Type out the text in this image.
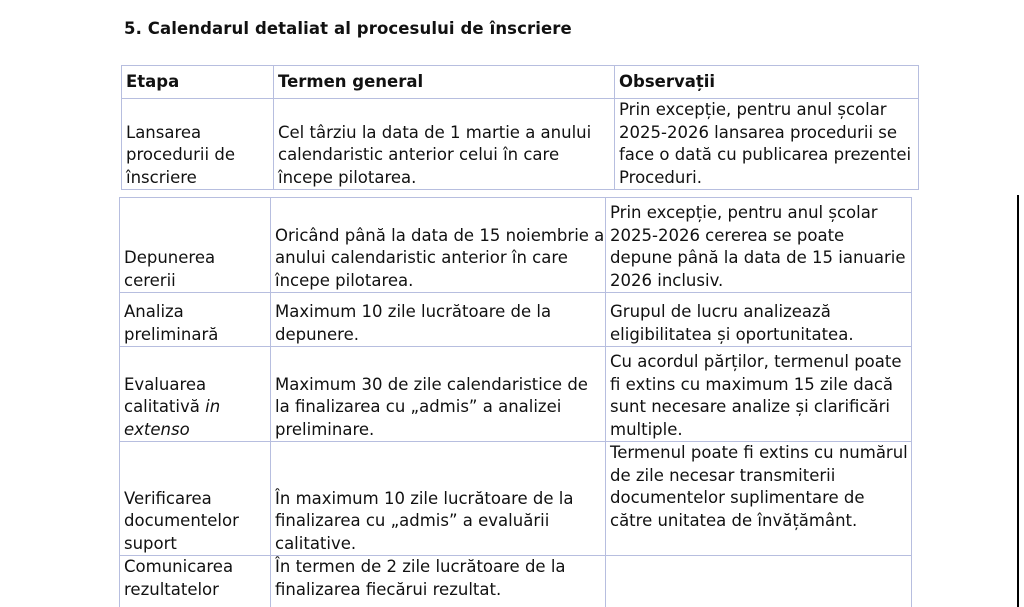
5. Calendarul detaliat al procesului de înscriere
Etapa	Termen general	Observații
Lansarea procedurii de înscriere	Cel târziu la data de 1 martie a anului calendaristic anterior celui în care începe pilotarea.	Prin excepție, pentru anul școlar 2025-2026 lansarea procedurii se face o dată cu publicarea prezentei Proceduri.
Depunerea cererii	Oricând până la data de 15 noiembrie a anului calendaristic anterior în care începe pilotarea.	Prin excepție, pentru anul școlar 2025-2026 cererea se poate depune până la data de 15 ianuarie 2026 inclusiv.
Analiza preliminară	Maximum 10 zile lucrătoare de la depunere.	Grupul de lucru analizează eligibilitatea și oportunitatea.
Evaluarea calitativă in extenso	Maximum 30 de zile calendaristice de la finalizarea cu „admis” a analizei preliminare.	Cu acordul părților, termenul poate fi extins cu maximum 15 zile dacă sunt necesare analize și clarificări multiple.
Verificarea documentelor suport	În maximum 10 zile lucrătoare de la finalizarea cu „admis” a evaluării calitative.	Termenul poate fi extins cu numărul de zile necesar transmiterii documentelor suplimentare de către unitatea de învățământ.
Comunicarea rezultatelor	În termen de 2 zile lucrătoare de la finalizarea fiecărui rezultat.	
